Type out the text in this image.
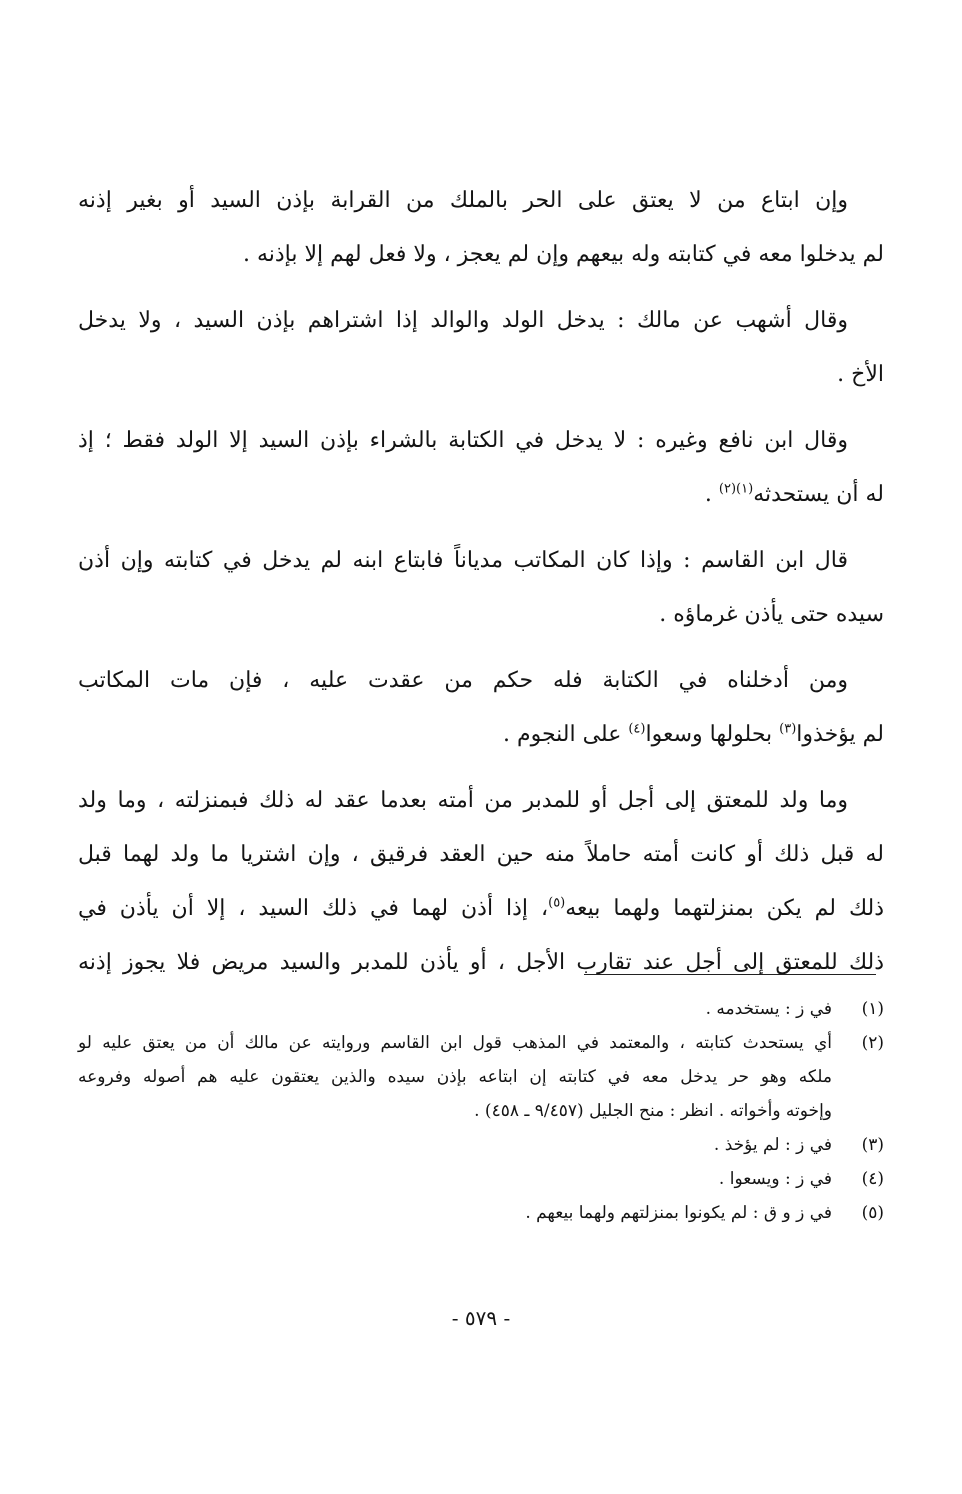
وإن ابتاع من لا يعتق على الحر بالملك من القرابة بإذن السيد أو بغير إذنه
لم يدخلوا معه في كتابته وله بيعهم وإن لم يعجز ، ولا فعل لهم إلا بإذنه .

وقال أشهب عن مالك : يدخل الولد والوالد إذا اشتراهم بإذن السيد ، ولا يدخل
الأخ .

وقال ابن نافع وغيره : لا يدخل في الكتابة بالشراء بإذن السيد إلا الولد فقط ؛ إذ
له أن يستحدثه$^{(١)(٢)}$ .

قال ابن القاسم : وإذا كان المكاتب مدياناً فابتاع ابنه لم يدخل في كتابته وإن أذن
سيده حتى يأذن غرماؤه .

ومن أدخلناه في الكتابة فله حكم من عقدت عليه ، فإن مات المكاتب
لم يؤخذوا$^{(٣)}$ بحلولها وسعوا$^{(٤)}$ على النجوم .

وما ولد للمعتق إلى أجل أو للمدبر من أمته بعدما عقد له ذلك فبمنزلته ، وما ولد
له قبل ذلك أو كانت أمته حاملاً منه حين العقد فرقيق ، وإن اشتريا ما ولد لهما قبل
ذلك لم يكن بمنزلتهما ولهما بيعه$^{(٥)}$، إذا أذن لهما في ذلك السيد ، إلا أن يأذن في
ذلك للمعتق إلى أجل عند تقارب الأجل ، أو يأذن للمدبر والسيد مريض فلا يجوز إذنه

(١)
في ز : يستخدمه .
(٢)
أي يستحدث كتابته ، والمعتمد في المذهب قول ابن القاسم وروايته عن مالك أن من يعتق عليه لو
ملكه وهو حر يدخل معه في كتابته إن ابتاعه بإذن سيده والذين يعتقون عليه هم أصوله وفروعه
وإخوته وأخواته . انظر : منح الجليل (٩/٤٥٧ ـ ٤٥٨) .
(٣)
في ز : لم يؤخذ .
(٤)
في ز : ويسعوا .
(٥)
في ز و ق : لم يكونوا بمنزلتهم ولهما بيعهم .
- ٥٧٩ -
